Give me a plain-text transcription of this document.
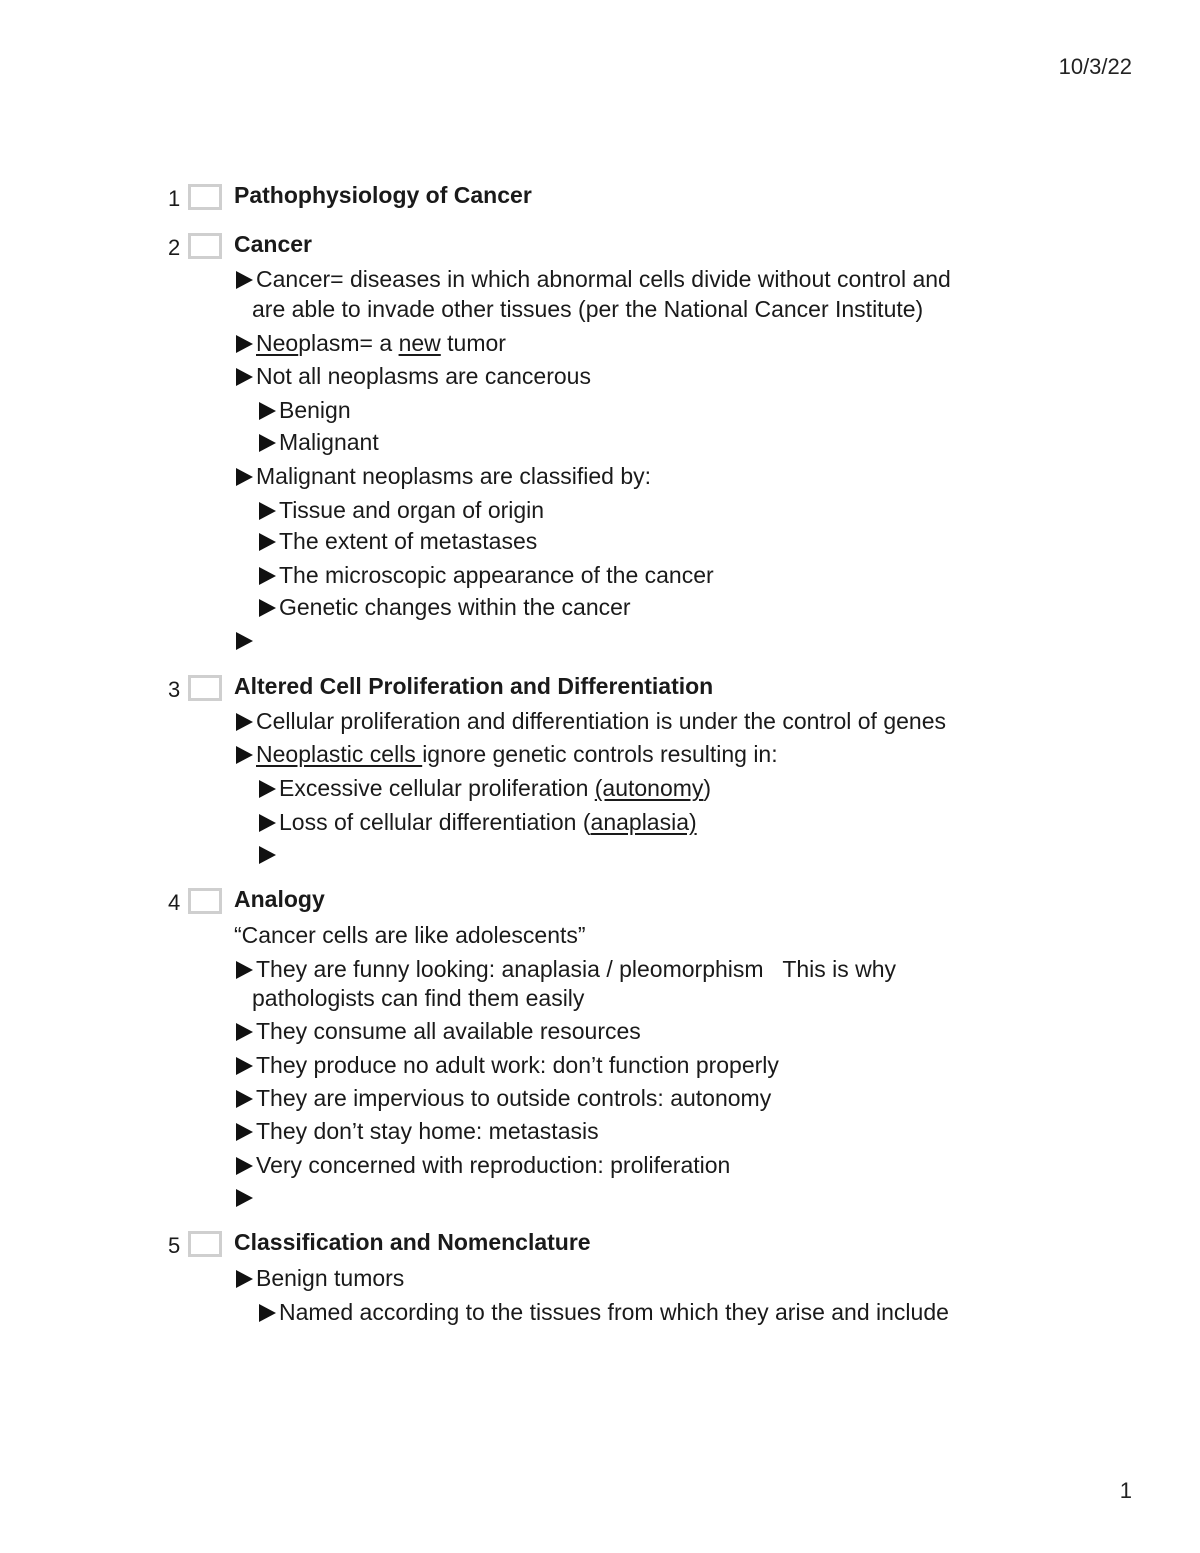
10/3/22
1 Pathophysiology of Cancer
2 Cancer
Cancer= diseases in which abnormal cells divide without control and
are able to invade other tissues (per the National Cancer Institute)
Neoplasm= a new tumor
Not all neoplasms are cancerous
Benign
Malignant
Malignant neoplasms are classified by:
Tissue and organ of origin
The extent of metastases
The microscopic appearance of the cancer
Genetic changes within the cancer
3 Altered Cell Proliferation and Differentiation
Cellular proliferation and differentiation is under the control of genes
Neoplastic cells ignore genetic controls resulting in:
Excessive cellular proliferation (autonomy)
Loss of cellular differentiation (anaplasia)
4 Analogy
“Cancer cells are like adolescents”
They are funny looking: anaplasia / pleomorphism   This is why
pathologists can find them easily
They consume all available resources
They produce no adult work: don’t function properly
They are impervious to outside controls: autonomy
They don’t stay home: metastasis
Very concerned with reproduction: proliferation
5 Classification and Nomenclature
Benign tumors
Named according to the tissues from which they arise and include
1
